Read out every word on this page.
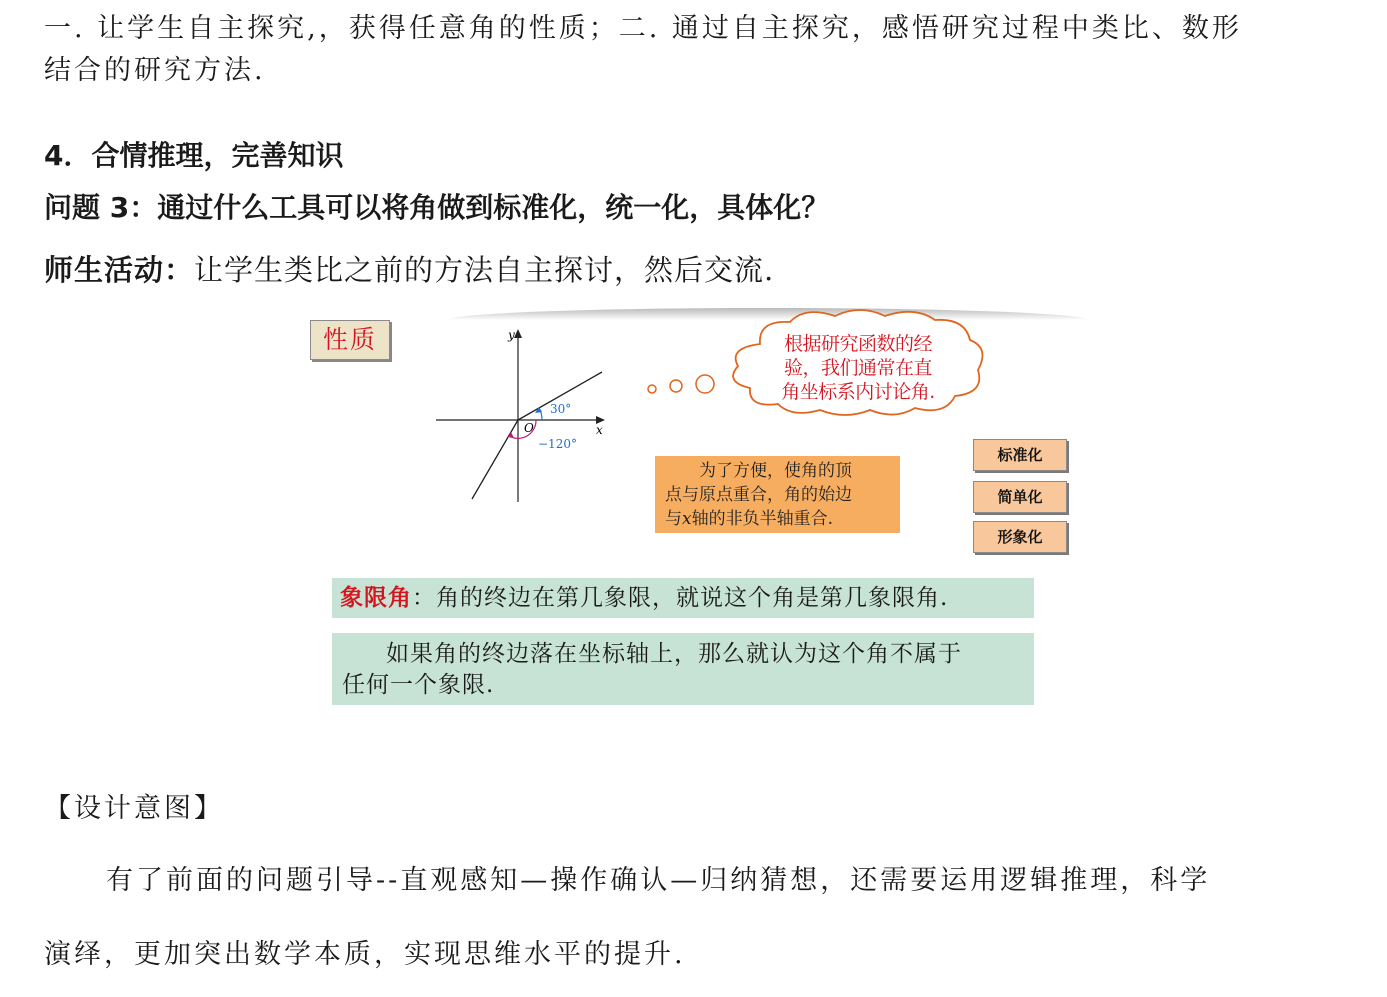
一. 让学生自主探究,，获得任意角的性质；二. 通过自主探究，感悟研究过程中类比、数形
结合的研究方法.
4．合情推理，完善知识
问题 3：通过什么工具可以将角做到标准化，统一化，具体化？
师生活动：让学生类比之前的方法自主探讨，然后交流.
性质	y
x
O
30°
−120°
根据研究函数的经
验，我们通常在直
角坐标系内讨论角.
为了方便，使角的顶
点与原点重合，角的始边
与x轴的非负半轴重合.
标准化
简单化
形象化
象限角：角的终边在第几象限，就说这个角是第几象限角.
如果角的终边落在坐标轴上，那么就认为这个角不属于
任何一个象限.
【设计意图】
有了前面的问题引导--直观感知—操作确认—归纳猜想，还需要运用逻辑推理，科学
演绎，更加突出数学本质，实现思维水平的提升.
